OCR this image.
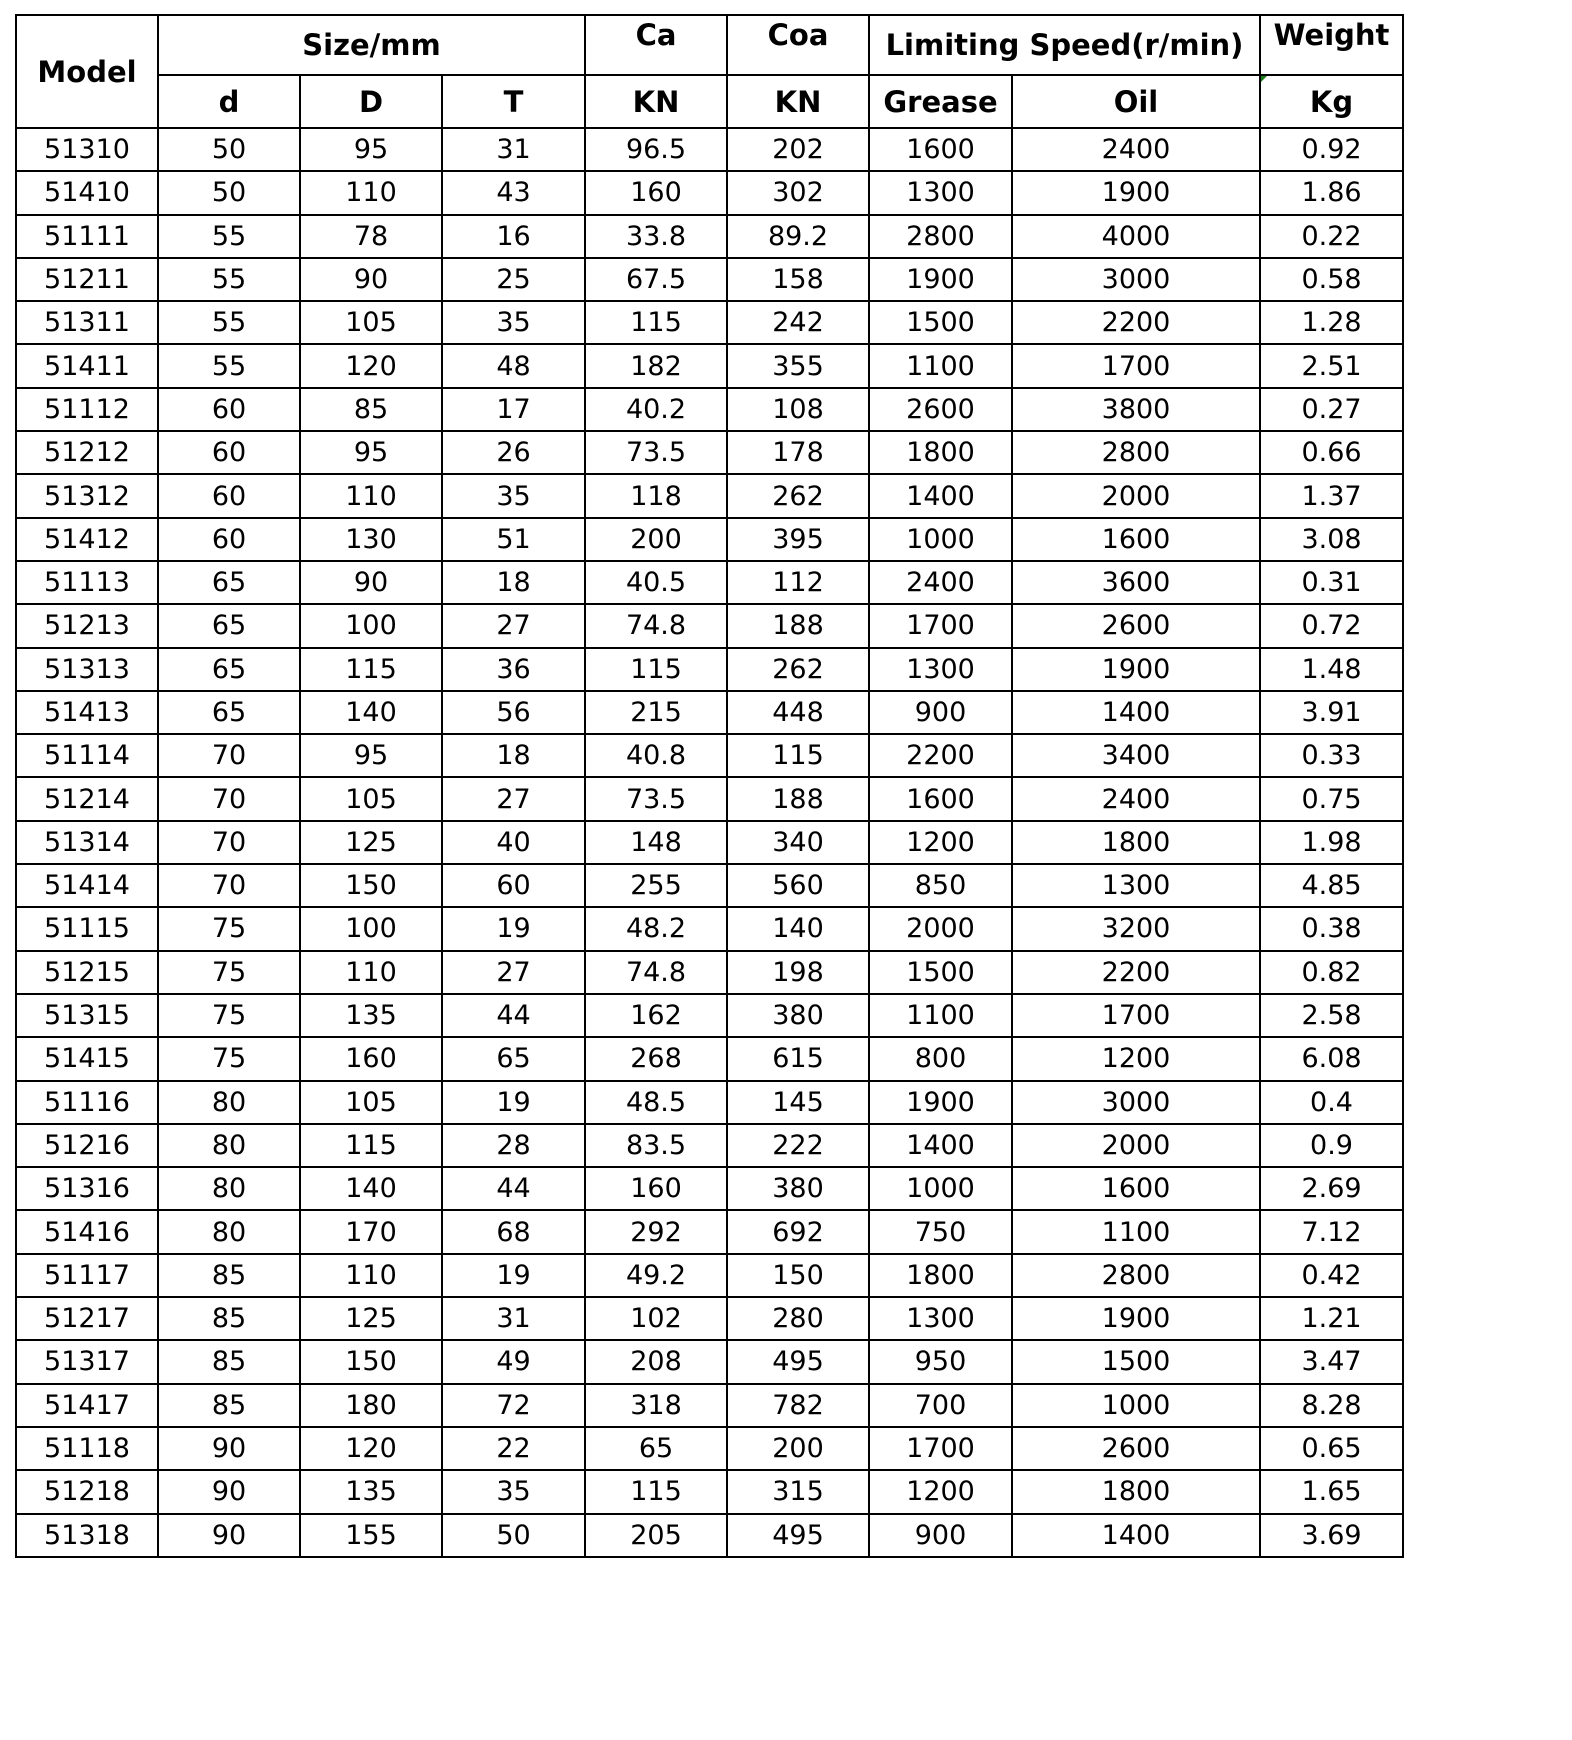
Model	Size/mm			Ca	Coa	Limiting Speed(r/min)		Weight
	d	D	T	KN	KN	Grease	Oil	Kg

51310	50	95	31	96.5	202	1600	2400	0.92
51410	50	110	43	160	302	1300	1900	1.86
51111	55	78	16	33.8	89.2	2800	4000	0.22
51211	55	90	25	67.5	158	1900	3000	0.58
51311	55	105	35	115	242	1500	2200	1.28
51411	55	120	48	182	355	1100	1700	2.51
51112	60	85	17	40.2	108	2600	3800	0.27
51212	60	95	26	73.5	178	1800	2800	0.66
51312	60	110	35	118	262	1400	2000	1.37
51412	60	130	51	200	395	1000	1600	3.08
51113	65	90	18	40.5	112	2400	3600	0.31
51213	65	100	27	74.8	188	1700	2600	0.72
51313	65	115	36	115	262	1300	1900	1.48
51413	65	140	56	215	448	900	1400	3.91
51114	70	95	18	40.8	115	2200	3400	0.33
51214	70	105	27	73.5	188	1600	2400	0.75
51314	70	125	40	148	340	1200	1800	1.98
51414	70	150	60	255	560	850	1300	4.85
51115	75	100	19	48.2	140	2000	3200	0.38
51215	75	110	27	74.8	198	1500	2200	0.82
51315	75	135	44	162	380	1100	1700	2.58
51415	75	160	65	268	615	800	1200	6.08
51116	80	105	19	48.5	145	1900	3000	0.4
51216	80	115	28	83.5	222	1400	2000	0.9
51316	80	140	44	160	380	1000	1600	2.69
51416	80	170	68	292	692	750	1100	7.12
51117	85	110	19	49.2	150	1800	2800	0.42
51217	85	125	31	102	280	1300	1900	1.21
51317	85	150	49	208	495	950	1500	3.47
51417	85	180	72	318	782	700	1000	8.28
51118	90	120	22	65	200	1700	2600	0.65
51218	90	135	35	115	315	1200	1800	1.65
51318	90	155	50	205	495	900	1400	3.69
